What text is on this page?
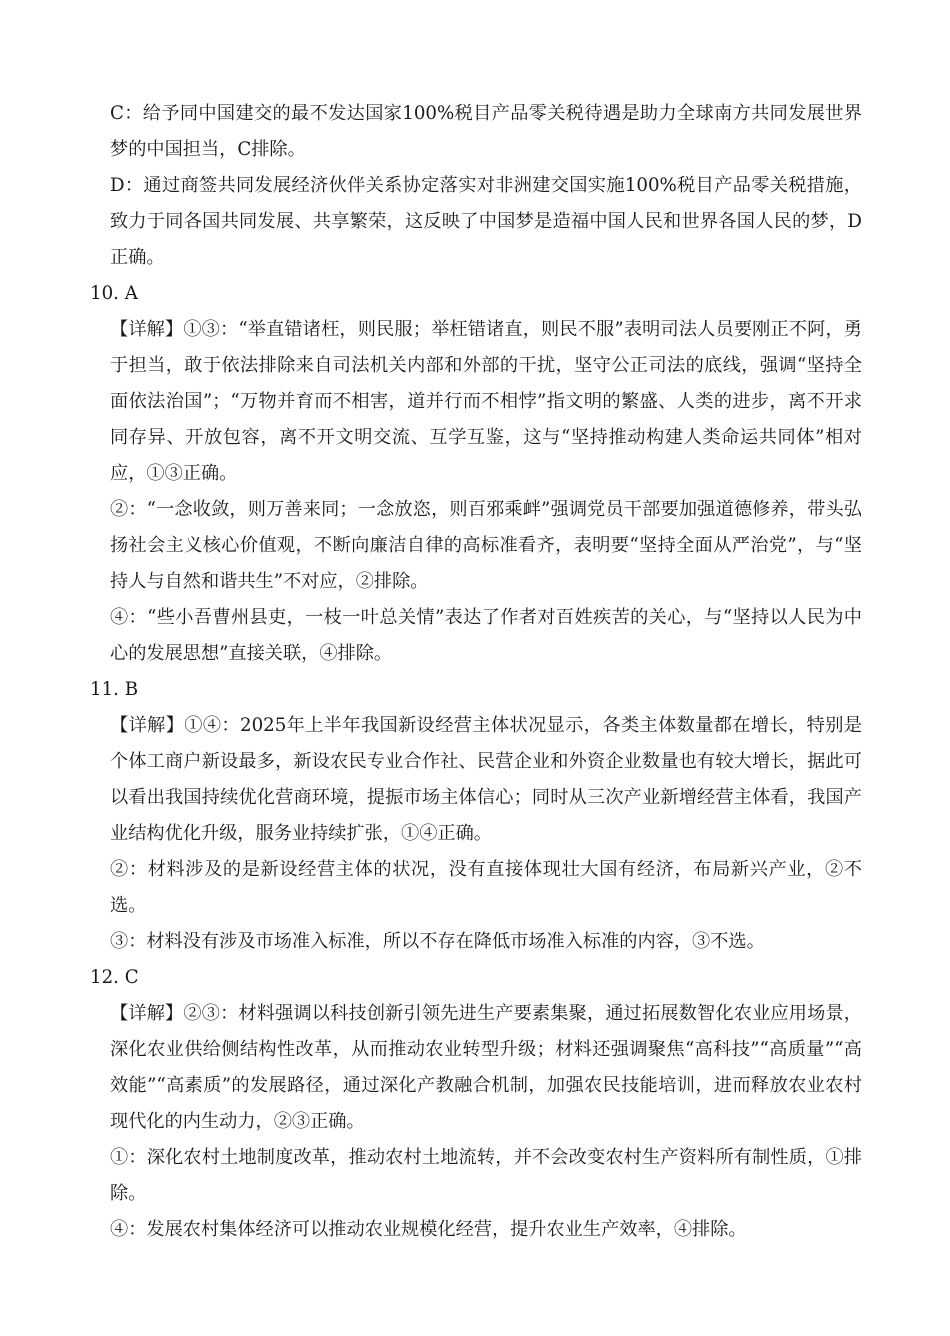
C：给予同中国建交的最不发达国家100%税目产品零关税待遇是助力全球南方共同发展世界梦的中国担当，C排除。

D：通过商签共同发展经济伙伴关系协定落实对非洲建交国实施100%税目产品零关税措施，致力于同各国共同发展、共享繁荣，这反映了中国梦是造福中国人民和世界各国人民的梦，D正确。

10. A

【详解】①③：“举直错诸枉，则民服；举枉错诸直，则民不服”表明司法人员要刚正不阿，勇于担当，敢于依法排除来自司法机关内部和外部的干扰，坚守公正司法的底线，强调“坚持全面依法治国”；“万物并育而不相害，道并行而不相悖”指文明的繁盛、人类的进步，离不开求同存异、开放包容，离不开文明交流、互学互鉴，这与“坚持推动构建人类命运共同体”相对应，①③正确。

②：“一念收敛，则万善来同；一念放恣，则百邪乘衅”强调党员干部要加强道德修养，带头弘扬社会主义核心价值观，不断向廉洁自律的高标准看齐，表明要“坚持全面从严治党”，与“坚持人与自然和谐共生”不对应，②排除。

④：“些小吾曹州县吏，一枝一叶总关情”表达了作者对百姓疾苦的关心，与“坚持以人民为中心的发展思想”直接关联，④排除。

11. B

【详解】①④：2025年上半年我国新设经营主体状况显示，各类主体数量都在增长，特别是个体工商户新设最多，新设农民专业合作社、民营企业和外资企业数量也有较大增长，据此可以看出我国持续优化营商环境，提振市场主体信心；同时从三次产业新增经营主体看，我国产业结构优化升级，服务业持续扩张，①④正确。

②：材料涉及的是新设经营主体的状况，没有直接体现壮大国有经济，布局新兴产业，②不选。

③：材料没有涉及市场准入标准，所以不存在降低市场准入标准的内容，③不选。

12. C

【详解】②③：材料强调以科技创新引领先进生产要素集聚，通过拓展数智化农业应用场景，深化农业供给侧结构性改革，从而推动农业转型升级；材料还强调聚焦“高科技”“高质量”“高效能”“高素质”的发展路径，通过深化产教融合机制，加强农民技能培训，进而释放农业农村现代化的内生动力，②③正确。

①：深化农村土地制度改革，推动农村土地流转，并不会改变农村生产资料所有制性质，①排除。

④：发展农村集体经济可以推动农业规模化经营，提升农业生产效率，④排除。
